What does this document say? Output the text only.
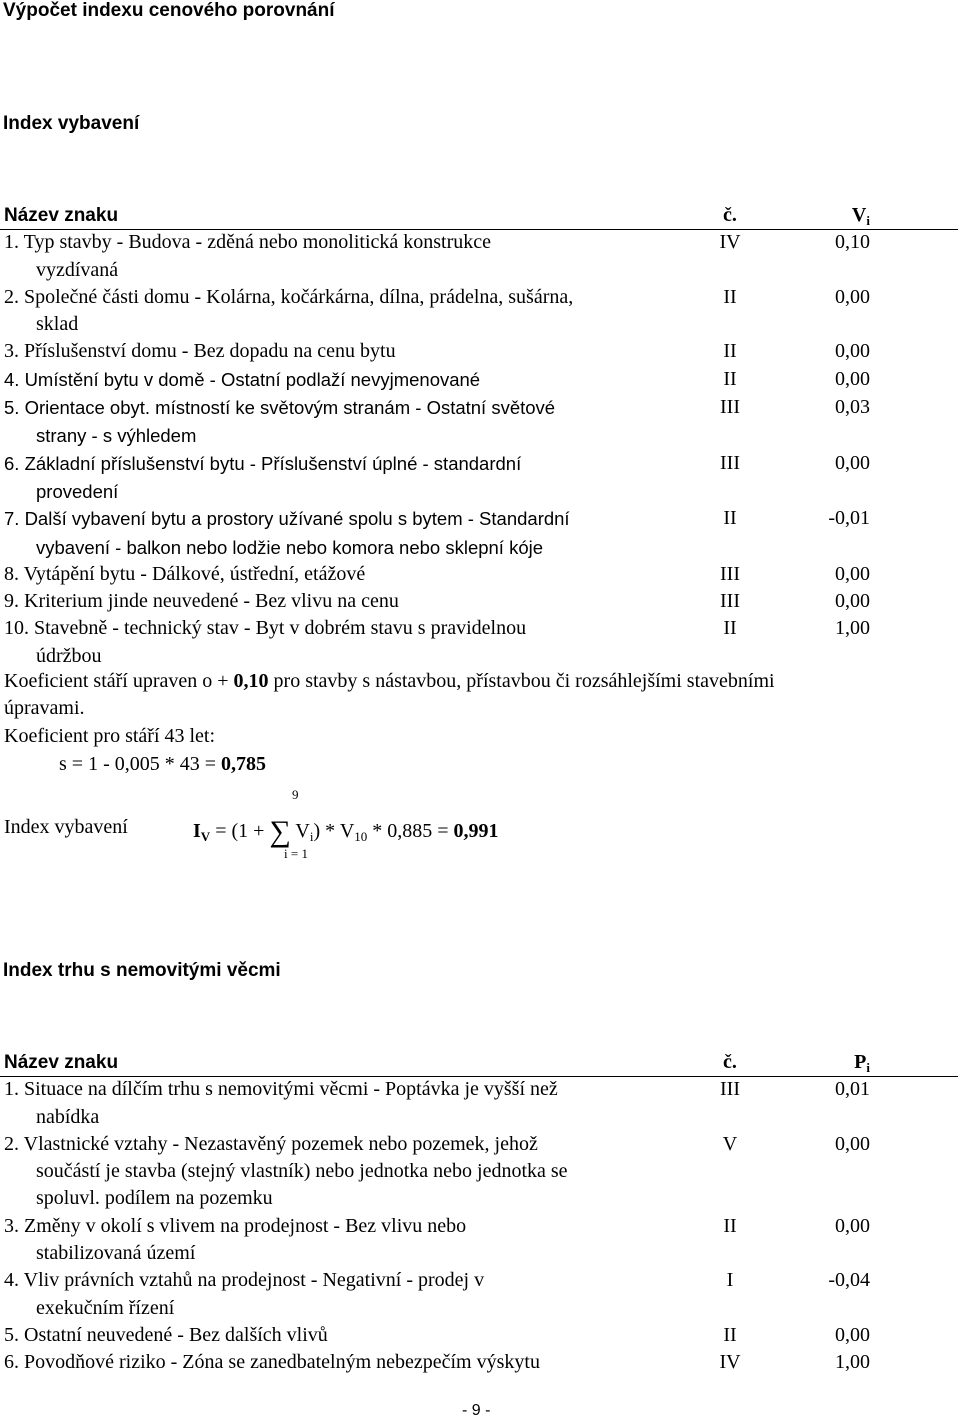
Výpočet indexu cenového porovnání
Index vybavení
Název znaku	č.	$V_i$
1. Typ stavby - Budova - zděná nebo monolitická konstrukce
vyzdívaná	IV	0,10
2. Společné části domu - Kolárna, kočárkárna, dílna, prádelna, sušárna,
sklad	II	0,00
3. Příslušenství domu - Bez dopadu na cenu bytu	II	0,00
4. Umístění bytu v domě - Ostatní podlaží nevyjmenované	II	0,00
5. Orientace obyt. místností ke světovým stranám - Ostatní světové
strany - s výhledem	III	0,03
6. Základní příslušenství bytu - Příslušenství úplné - standardní
provedení	III	0,00
7. Další vybavení bytu a prostory užívané spolu s bytem - Standardní
vybavení - balkon nebo lodžie nebo komora nebo sklepní kóje	II	-0,01
8. Vytápění bytu - Dálkové, ústřední, etážové	III	0,00
9. Kriterium jinde neuvedené - Bez vlivu na cenu	III	0,00
10. Stavebně - technický stav - Byt v dobrém stavu s pravidelnou
údržbou	II	1,00
Koeficient stáří upraven o + 0,10 pro stavby s nástavbou, přístavbou či rozsáhlejšími stavebními
úpravami.
Koeficient pro stáří 43 let:
s = 1 - 0,005 * 43 = 0,785
Index vybavení	$I_V = (1$ + ∑ $V_i) * V_{10} * 0,885 = 0,991$
9
i = 1
Index trhu s nemovitými věcmi
Název znaku	č.	$P_i$
1. Situace na dílčím trhu s nemovitými věcmi - Poptávka je vyšší než
nabídka	III	0,01
2. Vlastnické vztahy - Nezastavěný pozemek nebo pozemek, jehož
součástí je stavba (stejný vlastník) nebo jednotka nebo jednotka se
spoluvl. podílem na pozemku	V	0,00
3. Změny v okolí s vlivem na prodejnost - Bez vlivu nebo
stabilizovaná území	II	0,00
4. Vliv právních vztahů na prodejnost - Negativní - prodej v
exekučním řízení	I	-0,04
5. Ostatní neuvedené - Bez dalších vlivů	II	0,00
6. Povodňové riziko - Zóna se zanedbatelným nebezpečím výskytu	IV	1,00
- 9 -
